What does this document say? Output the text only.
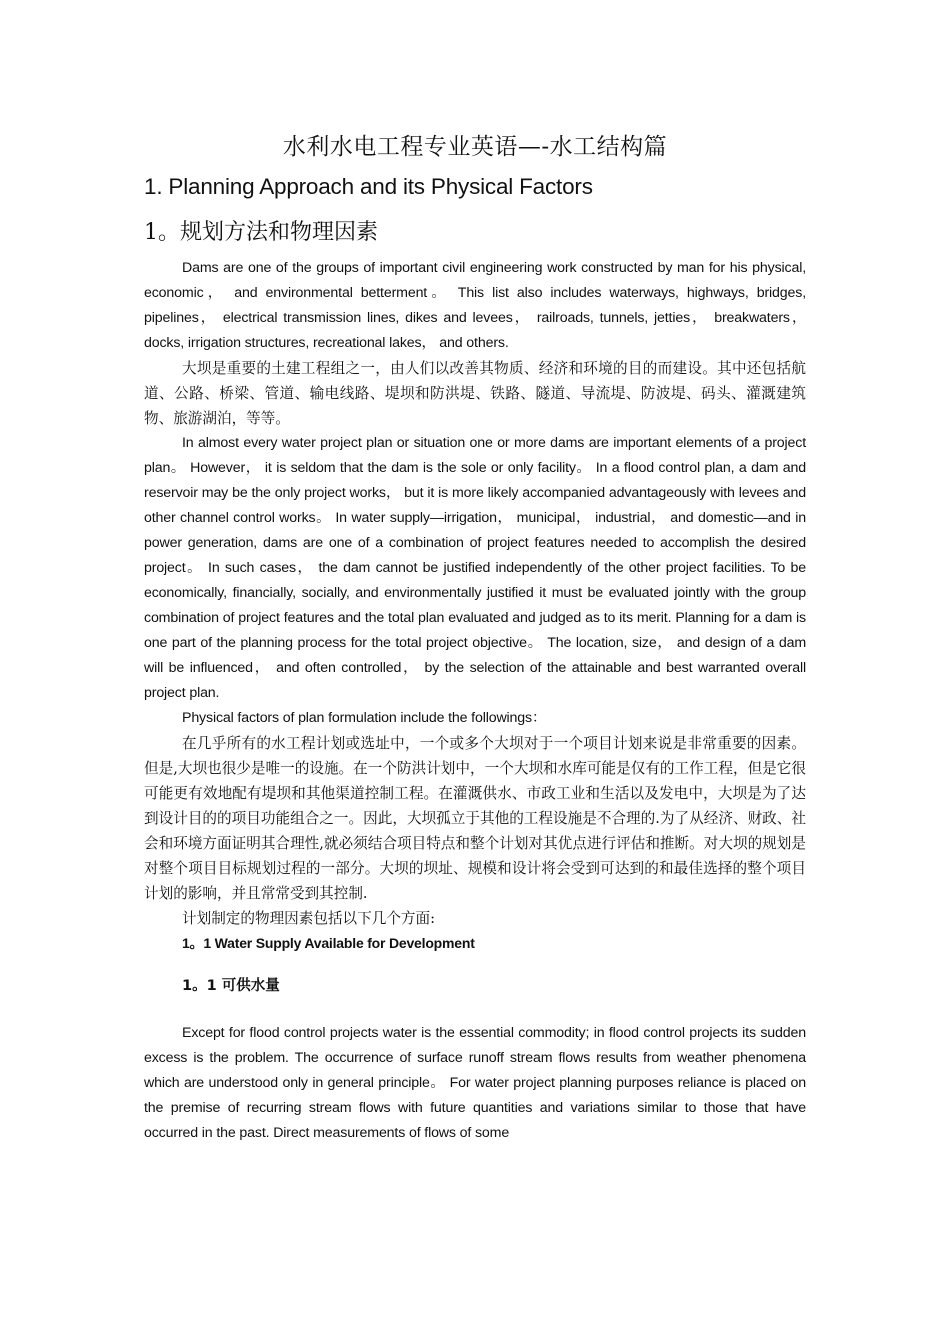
水利水电工程专业英语—-水工结构篇
1. Planning Approach and its Physical Factors
1。规划方法和物理因素

Dams are one of the groups of important civil engineering work constructed by man for his physical, economic， and environmental betterment。 This list also includes waterways, highways, bridges, pipelines， electrical transmission lines, dikes and levees， railroads, tunnels, jetties， breakwaters， docks, irrigation structures, recreational lakes， and others.

大坝是重要的土建工程组之一，由人们以改善其物质、经济和环境的目的而建设。其中还包括航道、公路、桥梁、管道、输电线路、堤坝和防洪堤、铁路、隧道、导流堤、防波堤、码头、灌溉建筑物、旅游湖泊，等等。

In almost every water project plan or situation one or more dams are important elements of a project plan。 However， it is seldom that the dam is the sole or only facility。 In a flood control plan, a dam and reservoir may be the only project works， but it is more likely accompanied advantageously with levees and other channel control works。 In water supply—irrigation， municipal， industrial， and domestic—and in power generation, dams are one of a combination of project features needed to accomplish the desired project。 In such cases， the dam cannot be justified independently of the other project facilities. To be economically, financially, socially, and environmentally justified it must be evaluated jointly with the group combination of project features and the total plan evaluated and judged as to its merit. Planning for a dam is one part of the planning process for the total project objective。 The location, size， and design of a dam will be influenced， and often controlled， by the selection of the attainable and best warranted overall project plan.

Physical factors of plan formulation include the followings：

在几乎所有的水工程计划或选址中，一个或多个大坝对于一个项目计划来说是非常重要的因素。但是,大坝也很少是唯一的设施。在一个防洪计划中，一个大坝和水库可能是仅有的工作工程，但是它很可能更有效地配有堤坝和其他渠道控制工程。在灌溉供水、市政工业和生活以及发电中，大坝是为了达到设计目的的项目功能组合之一。因此，大坝孤立于其他的工程设施是不合理的.为了从经济、财政、社会和环境方面证明其合理性,就必须结合项目特点和整个计划对其优点进行评估和推断。对大坝的规划是对整个项目目标规划过程的一部分。大坝的坝址、规模和设计将会受到可达到的和最佳选择的整个项目计划的影响，并且常常受到其控制.

计划制定的物理因素包括以下几个方面:

1。1 Water Supply Available for Development
1。1 可供水量

Except for flood control projects water is the essential commodity; in flood control projects its sudden excess is the problem. The occurrence of surface runoff stream flows results from weather phenomena which are understood only in general principle。 For water project planning purposes reliance is placed on the premise of recurring stream flows with future quantities and variations similar to those that have occurred in the past. Direct measurements of flows of some
